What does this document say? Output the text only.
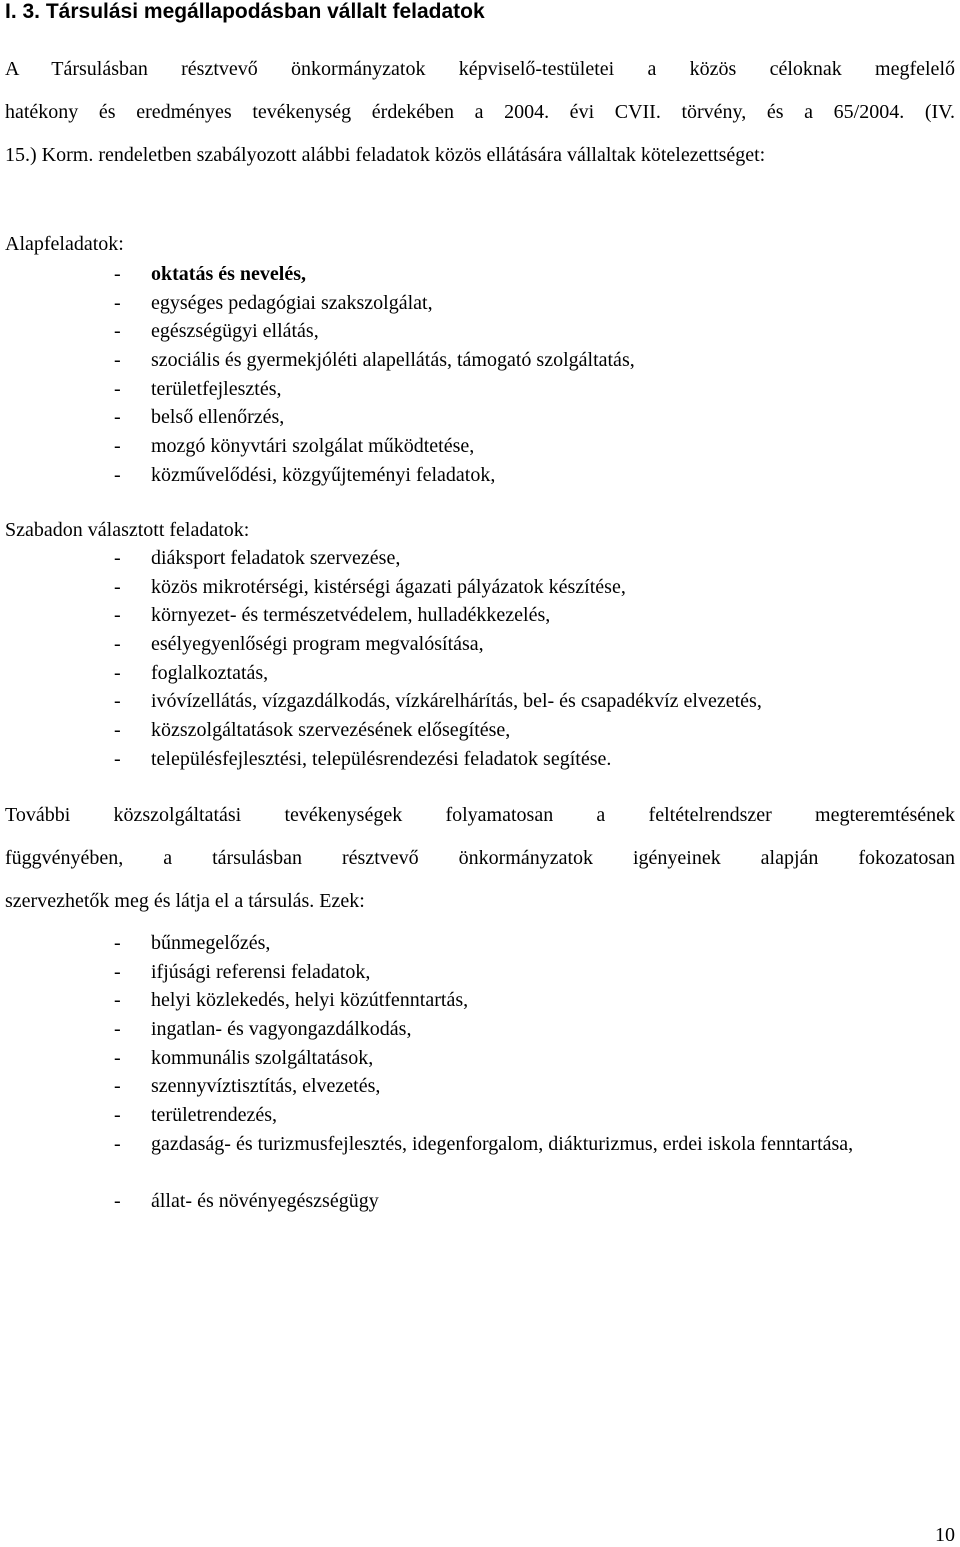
I. 3. Társulási megállapodásban vállalt feladatok
A Társulásban résztvevő önkormányzatok képviselő-testületei a közös céloknak megfelelő
hatékony és eredményes tevékenység érdekében a 2004. évi CVII. törvény, és a 65/2004. (IV.
15.) Korm. rendeletben szabályozott alábbi feladatok közös ellátására vállaltak kötelezettséget:

Alapfeladatok:

- oktatás és nevelés,
- egységes pedagógiai szakszolgálat,
- egészségügyi ellátás,
- szociális és gyermekjóléti alapellátás, támogató szolgáltatás,
- területfejlesztés,
- belső ellenőrzés,
- mozgó könyvtári szolgálat működtetése,
- közművelődési, közgyűjteményi feladatok,

Szabadon választott feladatok:

- diáksport feladatok szervezése,
- közös mikrotérségi, kistérségi ágazati pályázatok készítése,
- környezet- és természetvédelem, hulladékkezelés,
- esélyegyenlőségi program megvalósítása,
- foglalkoztatás,
- ivóvízellátás, vízgazdálkodás, vízkárelhárítás, bel- és csapadékvíz elvezetés,
- közszolgáltatások szervezésének elősegítése,
- településfejlesztési, településrendezési feladatok segítése.
További közszolgáltatási tevékenységek folyamatosan a feltételrendszer megteremtésének
függvényében, a társulásban résztvevő önkormányzatok igényeinek alapján fokozatosan
szervezhetők meg és látja el a társulás. Ezek:
- bűnmegelőzés,
- ifjúsági referensi feladatok,
- helyi közlekedés, helyi közútfenntartás,
- ingatlan- és vagyongazdálkodás,
- kommunális szolgáltatások,
- szennyvíztisztítás, elvezetés,
- területrendezés,
- gazdaság- és turizmusfejlesztés, idegenforgalom, diákturizmus, erdei iskola fenntartása,
- állat- és növényegészségügy
10
